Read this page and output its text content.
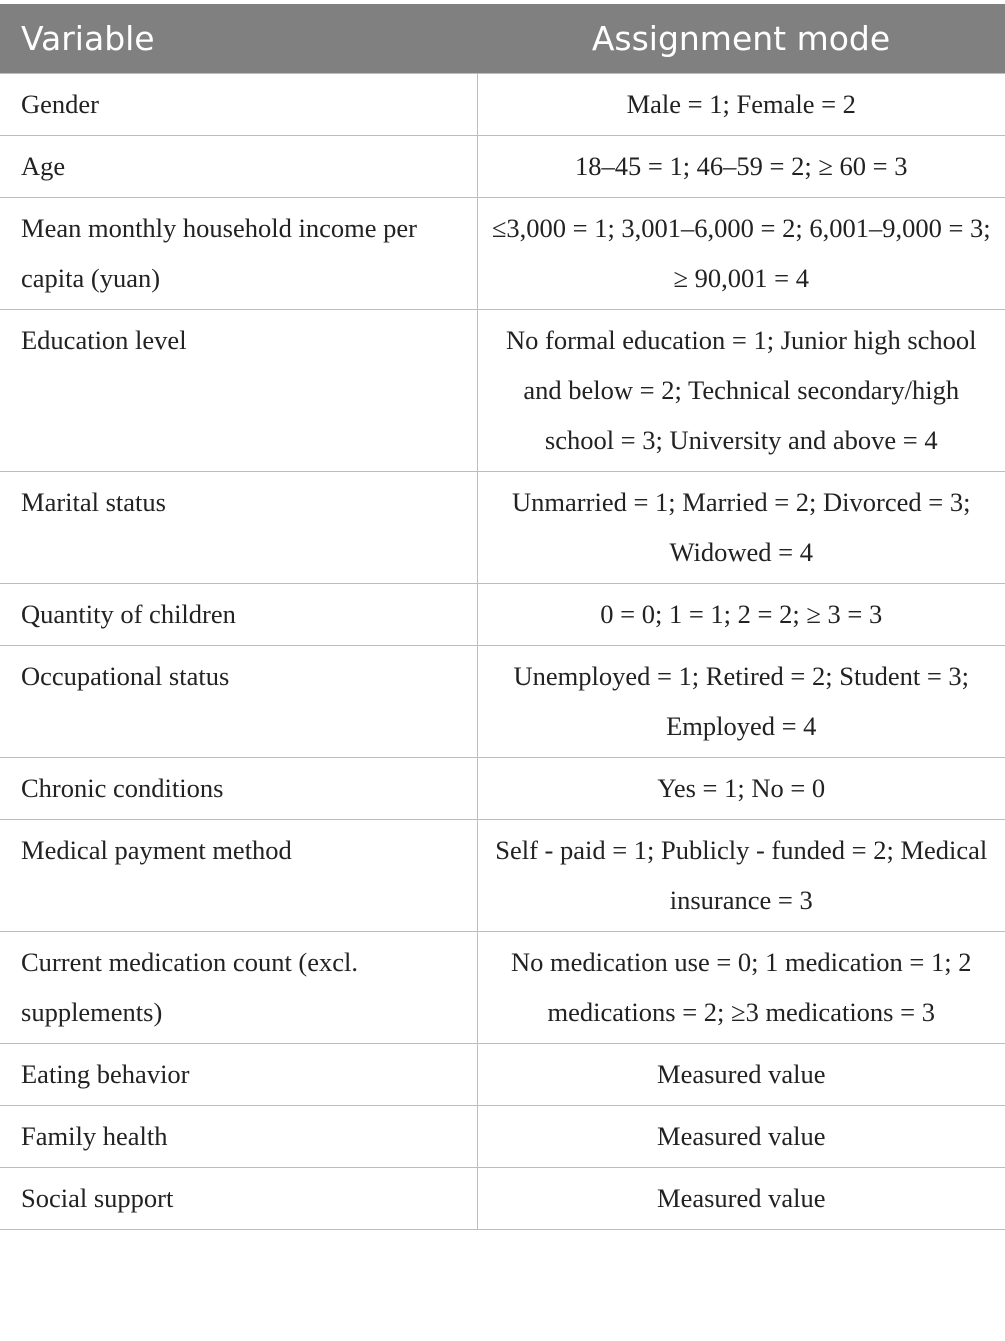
Variable	Assignment mode
Gender	Male = 1; Female = 2
Age	18–45 = 1; 46–59 = 2; ≥ 60 = 3
Mean monthly household income per capita (yuan)	≤3,000 = 1; 3,001–6,000 = 2; 6,001–9,000 = 3; ≥ 90,001 = 4
Education level	No formal education = 1; Junior high school and below = 2; Technical secondary/high school = 3; University and above = 4
Marital status	Unmarried = 1; Married = 2; Divorced = 3; Widowed = 4
Quantity of children	0 = 0; 1 = 1; 2 = 2; ≥ 3 = 3
Occupational status	Unemployed = 1; Retired = 2; Student = 3; Employed = 4
Chronic conditions	Yes = 1; No = 0
Medical payment method	Self - paid = 1; Publicly - funded = 2; Medical insurance = 3
Current medication count (excl. supplements)	No medication use = 0; 1 medication = 1; 2 medications = 2; ≥3 medications = 3
Eating behavior	Measured value
Family health	Measured value
Social support	Measured value
